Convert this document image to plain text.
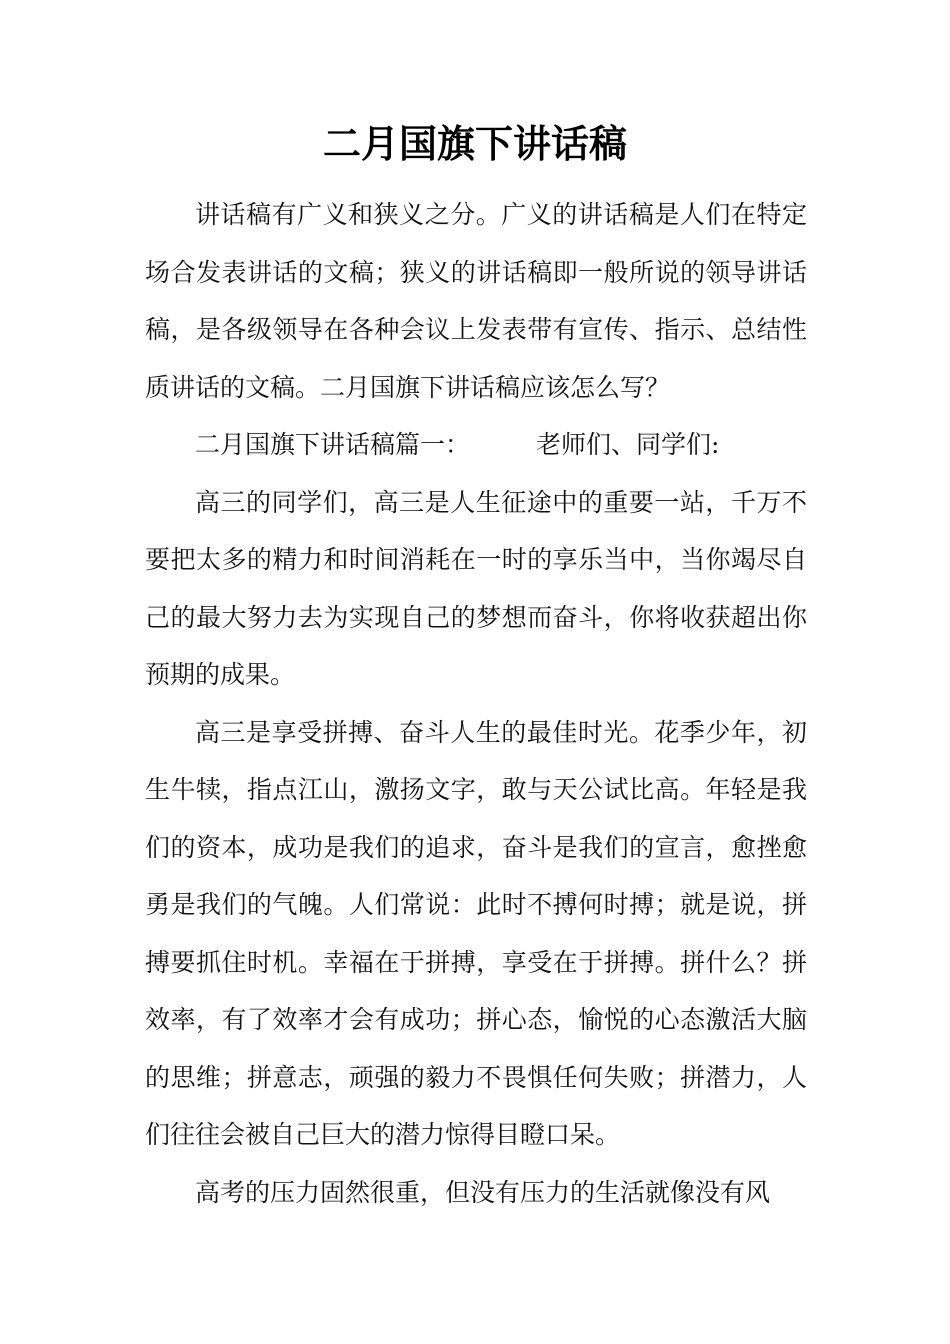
二月国旗下讲话稿

讲话稿有广义和狭义之分。广义的讲话稿是人们在特定场合发表讲话的文稿；狭义的讲话稿即一般所说的领导讲话稿，是各级领导在各种会议上发表带有宣传、指示、总结性质讲话的文稿。二月国旗下讲话稿应该怎么写？

二月国旗下讲话稿篇一：	老师们、同学们:

高三的同学们，高三是人生征途中的重要一站，千万不要把太多的精力和时间消耗在一时的享乐当中，当你竭尽自己的最大努力去为实现自己的梦想而奋斗，你将收获超出你预期的成果。

高三是享受拼搏、奋斗人生的最佳时光。花季少年，初生牛犊，指点江山，激扬文字，敢与天公试比高。年轻是我们的资本，成功是我们的追求，奋斗是我们的宣言，愈挫愈勇是我们的气魄。人们常说：此时不搏何时搏；就是说，拼搏要抓住时机。幸福在于拼搏，享受在于拼搏。拼什么？拼效率，有了效率才会有成功；拼心态，愉悦的心态激活大脑的思维；拼意志，顽强的毅力不畏惧任何失败；拼潜力，人们往往会被自己巨大的潜力惊得目瞪口呆。

高考的压力固然很重，但没有压力的生活就像没有风
